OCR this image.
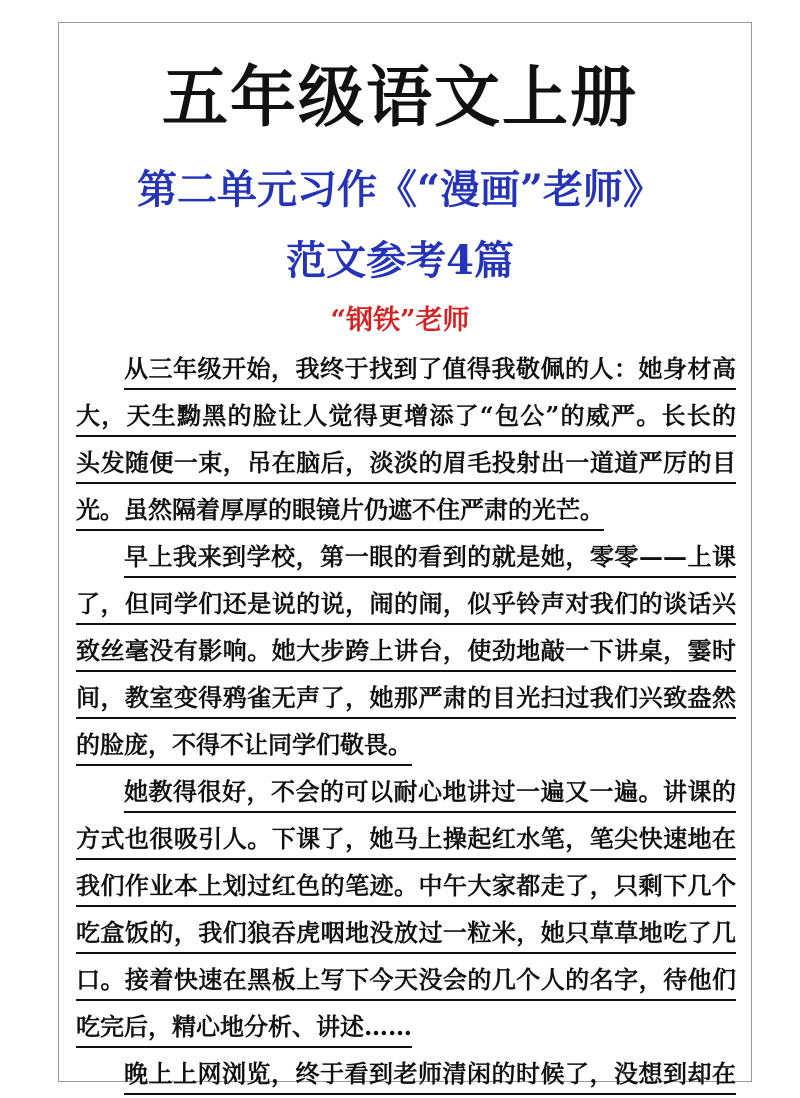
五年级语文上册
第二单元习作《“漫画”老师》
范文参考4篇
“钢铁”老师
从三年级开始，我终于找到了值得我敬佩的人：她身材高
大，天生黝黑的脸让人觉得更增添了“包公”的威严。长长的
头发随便一束，吊在脑后，淡淡的眉毛投射出一道道严厉的目
光。虽然隔着厚厚的眼镜片仍遮不住严肃的光芒。
早上我来到学校，第一眼的看到的就是她，零零——上课
了，但同学们还是说的说，闹的闹，似乎铃声对我们的谈话兴
致丝毫没有影响。她大步跨上讲台，使劲地敲一下讲桌，霎时
间，教室变得鸦雀无声了，她那严肃的目光扫过我们兴致盎然
的脸庞，不得不让同学们敬畏。
她教得很好，不会的可以耐心地讲过一遍又一遍。讲课的
方式也很吸引人。下课了，她马上操起红水笔，笔尖快速地在
我们作业本上划过红色的笔迹。中午大家都走了，只剩下几个
吃盒饭的，我们狼吞虎咽地没放过一粒米，她只草草地吃了几
口。接着快速在黑板上写下今天没会的几个人的名字，待他们
吃完后，精心地分析、讲述……
晚上上网浏览，终于看到老师清闲的时候了，没想到却在
